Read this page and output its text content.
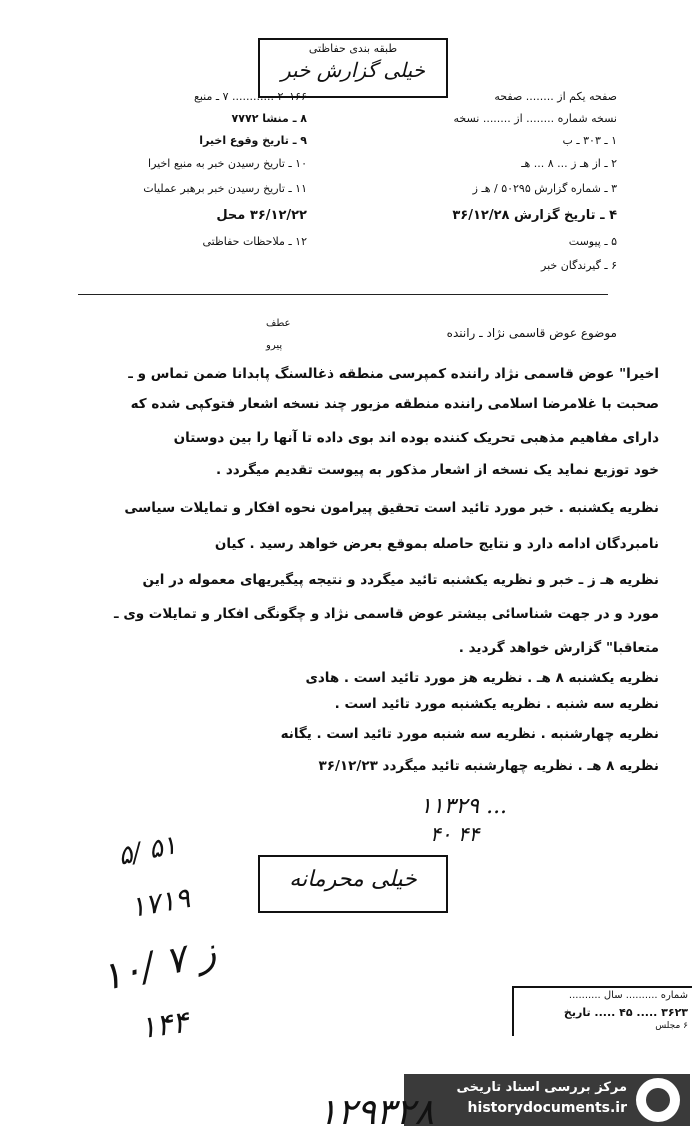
طبقه بندی حفاظتی
خیلی گزارش خبر
صفحه یکم از ........ صفحه
نسخه شماره ........ از ........ نسخه
۱ ـ ۳۰۳ ـ ب
۲ ـ از هـ ز ... ۸ ... هـ
۳ ـ شماره گزارش ۵۰۲۹۵ / هـ ز
۴ ـ تاریخ گزارش ۳۶/۱۲/۲۸
۵ ـ پیوست
۶ ـ گیرندگان خبر
۲۰۱۶۶ ............ ۷ ـ منبع
۸ ـ منشا ۷۷۷۲
۹ ـ تاریخ وقوع اخیرا
۱۰ ـ تاریخ رسیدن خبر به منبع اخیرا
۱۱ ـ تاریخ رسیدن خبر برهبر عملیات
۳۶/۱۲/۲۲ محل
۱۲ ـ ملاحظات حفاظتی
عطف
پیرو
موضوع عوض قاسمی نژاد ـ راننده
اخیرا" عوض قاسمی نژاد راننده کمپرسی منطقه ذغالسنگ پابدانا ضمن تماس و ـ
صحبت با غلامرضا اسلامی راننده منطقه مزبور چند نسخه اشعار فتوکپی شده که
دارای مفاهیم مذهبی تحریک کننده بوده اند بوی داده تا آنها را بین دوستان
خود توزیع نماید یک نسخه از اشعار مذکور به پیوست تقدیم میگردد .
نظریه یکشنبه . خبر مورد تائید است تحقیق پیرامون نحوه افکار و تمایلات سیاسی
نامبردگان ادامه دارد و نتایج حاصله بموقع بعرض خواهد رسید . کیان
نظریه هـ ز ـ خبر و نظریه یکشنبه تائید میگردد و نتیجه پیگیریهای معموله در این
مورد و در جهت شناسائی بیشتر عوض قاسمی نژاد و چگونگی افکار و تمایلات وی ـ
متعاقبا" گزارش خواهد گردید .
نظریه یکشنبه ۸ هـ . نظریه هز مورد تائید است . هادی
نظریه سه شنبه . نظریه یکشنبه مورد تائید است .
نظریه چهارشنبه . نظریه سه شنبه مورد تائید است . یگانه
نظریه ۸ هـ . نظریه چهارشنبه تائید میگردد ۳۶/۱۲/۲۳
۱۱۳۲۹ ...
۴۰ ۴۴
خیلی محرمانه
۵/ ۵۱
۱۷۱۹
۱۰/ ۷ ز
۱۴۴
شماره .......... سال ..........
۳۶۲۳ ..... ۴۵ ..... تاریخ
۶ مجلس
مرکز بررسی اسناد تاریخی
historydocuments.ir
۱۲۹۳۲۸
